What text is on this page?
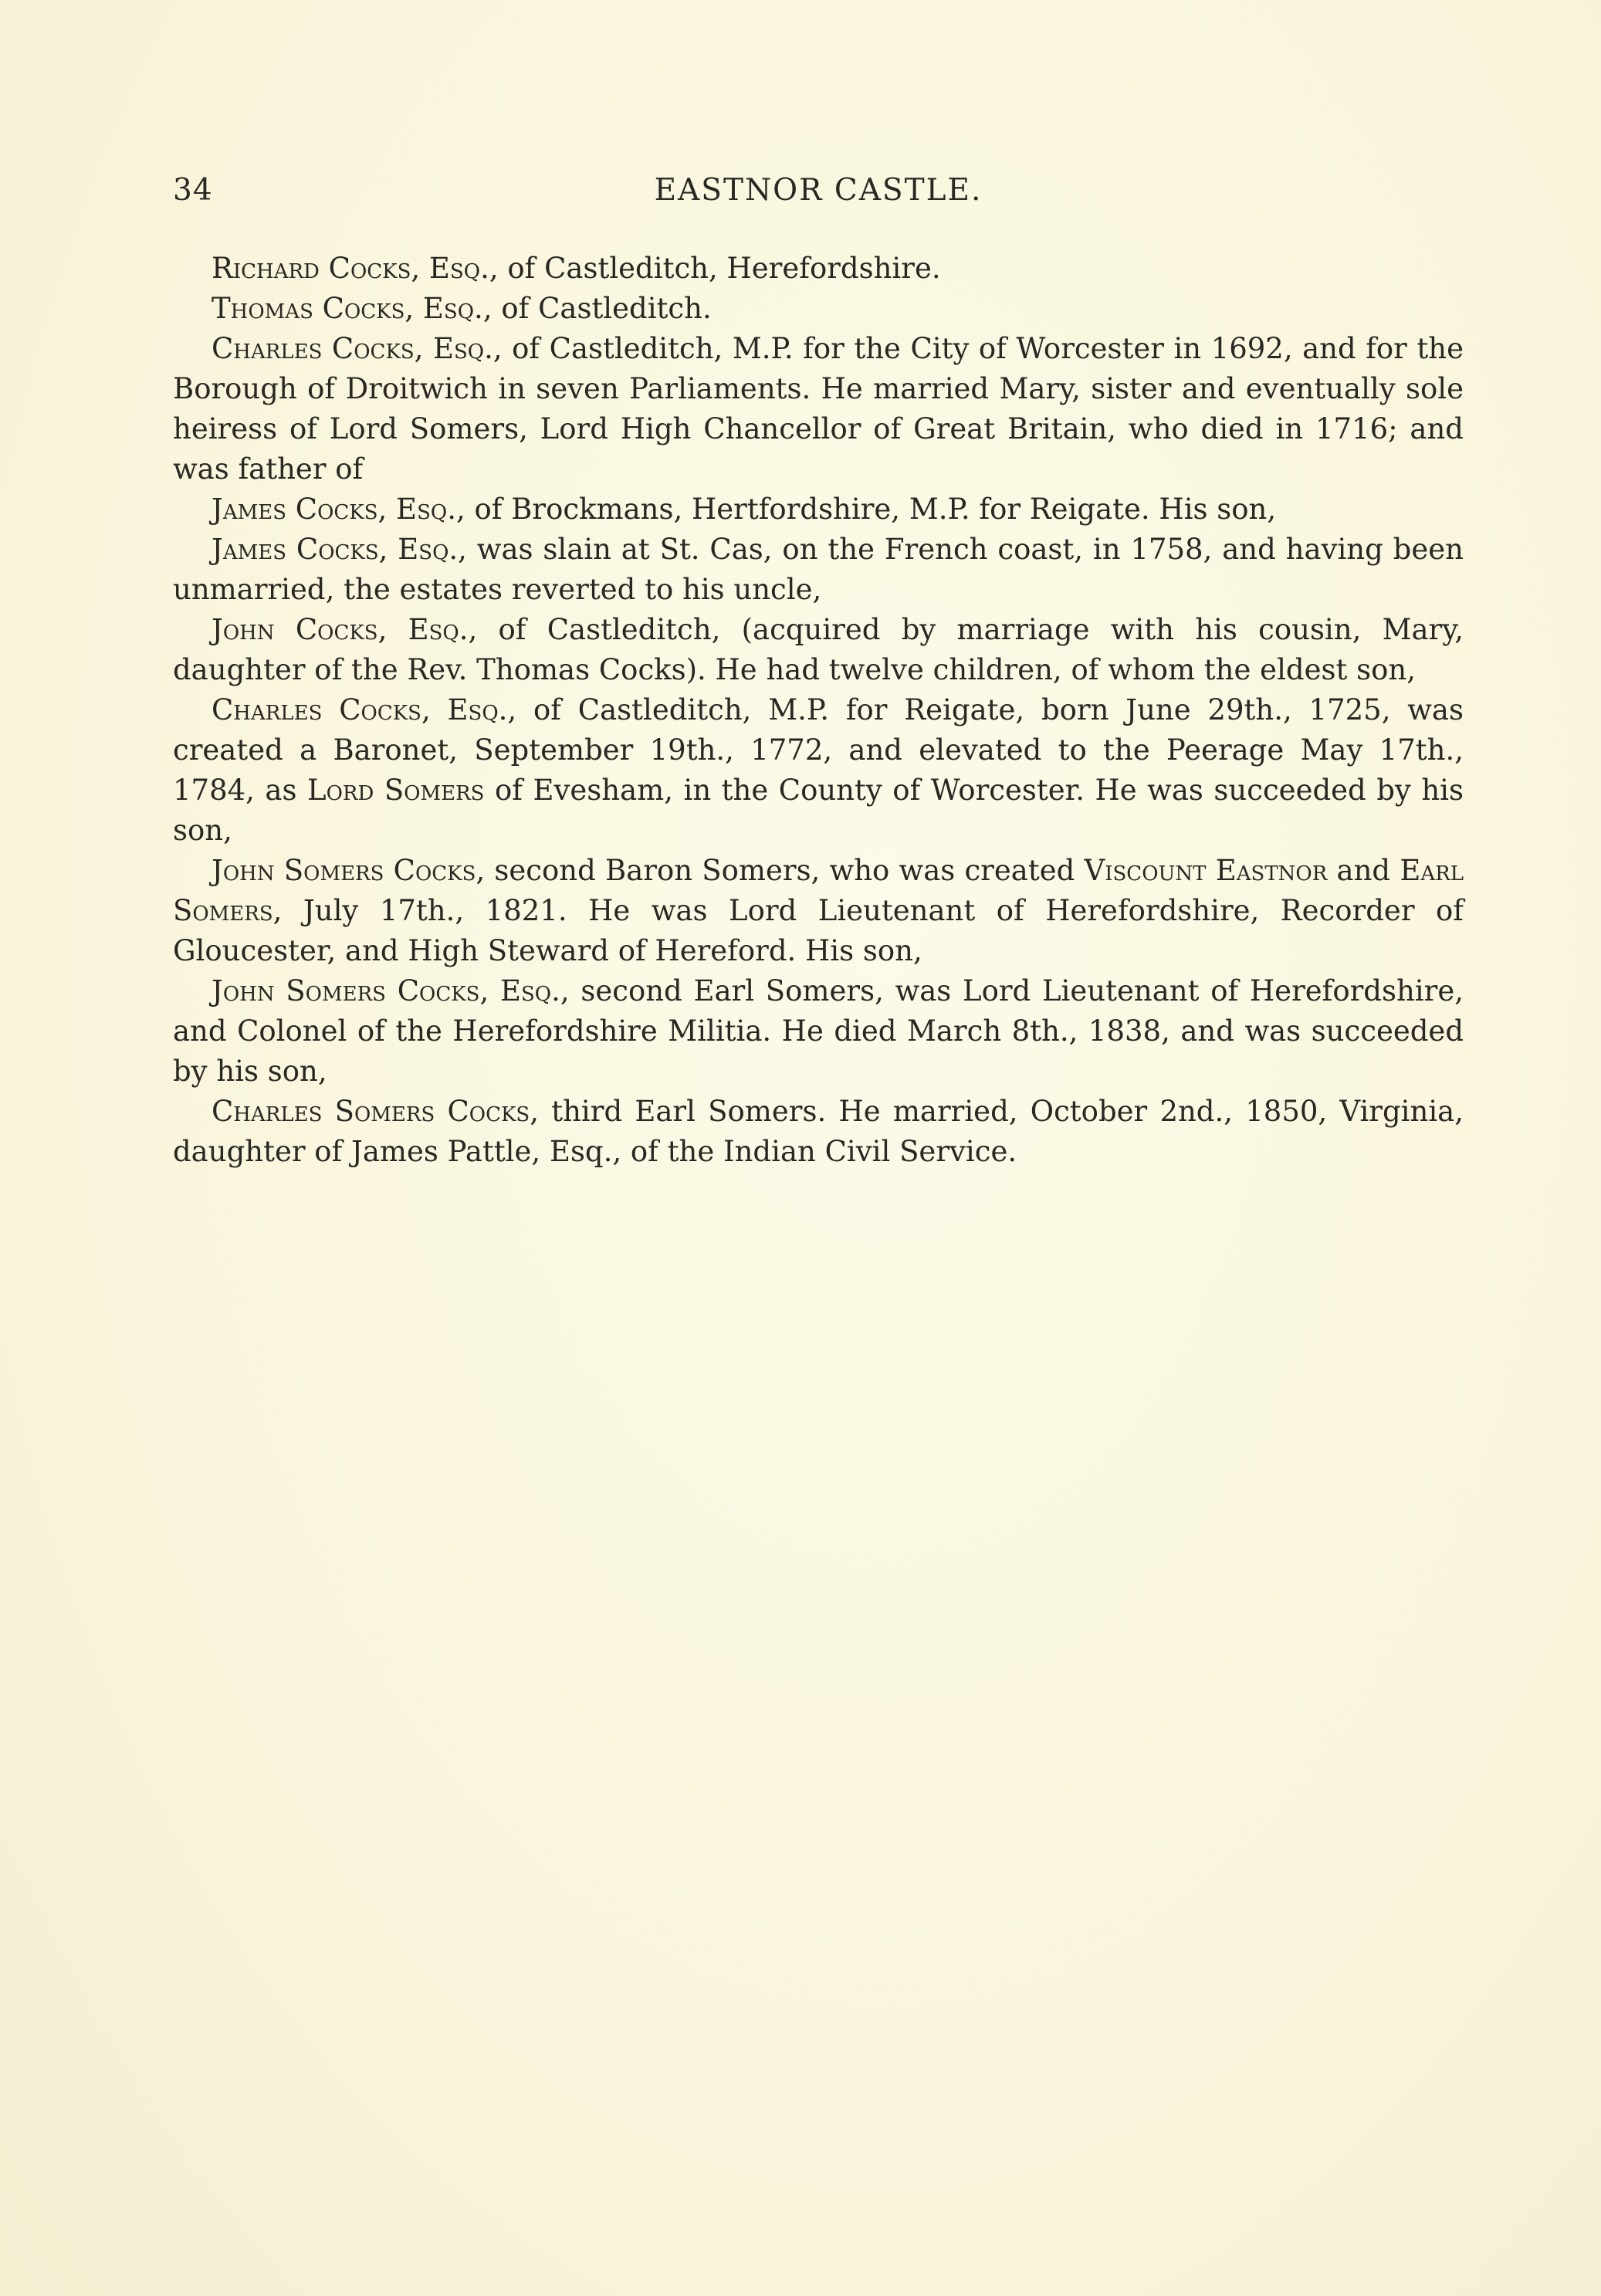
34	EASTNOR CASTLE.

Richard Cocks, Esq., of Castleditch, Herefordshire.

Thomas Cocks, Esq., of Castleditch.

Charles Cocks, Esq., of Castleditch, M.P. for the City of Worcester in 1692, and for the Borough of Droitwich in seven Parliaments. He married Mary, sister and eventually sole heiress of Lord Somers, Lord High Chancellor of Great Britain, who died in 1716; and was father of

James Cocks, Esq., of Brockmans, Hertfordshire, M.P. for Reigate. His son,

James Cocks, Esq., was slain at St. Cas, on the French coast, in 1758, and having been unmarried, the estates reverted to his uncle,

John Cocks, Esq., of Castleditch, (acquired by marriage with his cousin, Mary, daughter of the Rev. Thomas Cocks). He had twelve children, of whom the eldest son,

Charles Cocks, Esq., of Castleditch, M.P. for Reigate, born June 29th., 1725, was created a Baronet, September 19th., 1772, and elevated to the Peerage May 17th., 1784, as Lord Somers of Evesham, in the County of Worcester. He was succeeded by his son,

John Somers Cocks, second Baron Somers, who was created Viscount Eastnor and Earl Somers, July 17th., 1821. He was Lord Lieutenant of Herefordshire, Recorder of Gloucester, and High Steward of Hereford. His son,

John Somers Cocks, Esq., second Earl Somers, was Lord Lieutenant of Herefordshire, and Colonel of the Herefordshire Militia. He died March 8th., 1838, and was succeeded by his son,

Charles Somers Cocks, third Earl Somers. He married, October 2nd., 1850, Virginia, daughter of James Pattle, Esq., of the Indian Civil Service.
